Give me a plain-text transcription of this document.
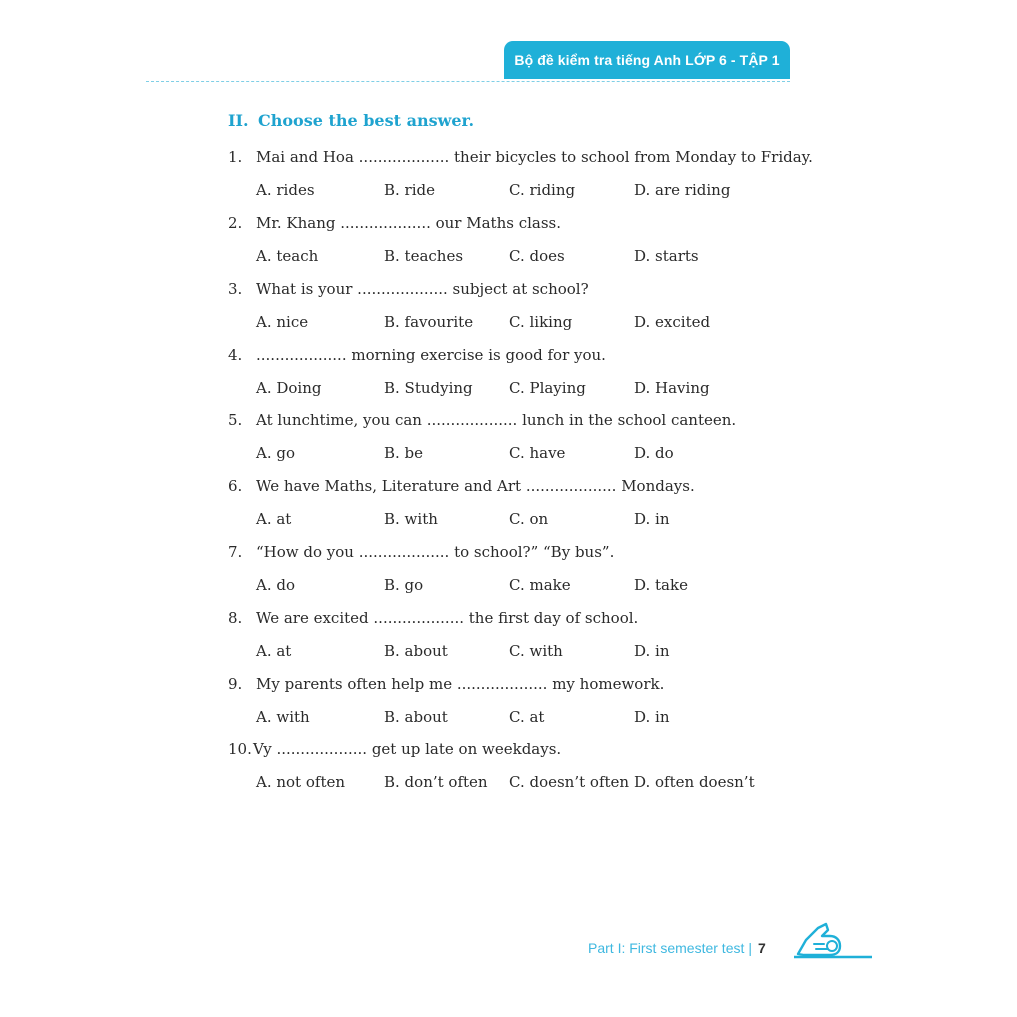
Bộ đề kiểm tra tiếng Anh LỚP 6 - TẬP 1
II. Choose the best answer.
1. Mai and Hoa ................... their bicycles to school from Monday to Friday.
A. rides	B. ride	C. riding	D. are riding
2. Mr. Khang ................... our Maths class.
A. teach	B. teaches	C. does	D. starts
3. What is your ................... subject at school?
A. nice	B. favourite C. liking	D. excited
4. ................... morning exercise is good for you.
A. Doing	B. Studying C. Playing	D. Having
5. At lunchtime, you can ................... lunch in the school canteen.
A. go	B. be	C. have	D. do
6. We have Maths, Literature and Art ................... Mondays.
A. at	B. with	C. on	D. in
7. “How do you ................... to school?” “By bus”.
A. do	B. go	C. make	D. take
8. We are excited ................... the first day of school.
A. at	B. about	C. with	D. in
9. My parents often help me ................... my homework.
A. with	B. about	C. at	D. in
10.Vy ................... get up late on weekdays.
A. not often	B. don’t often C. doesn’t often D. often doesn’t
Part I: First semester test | 7
